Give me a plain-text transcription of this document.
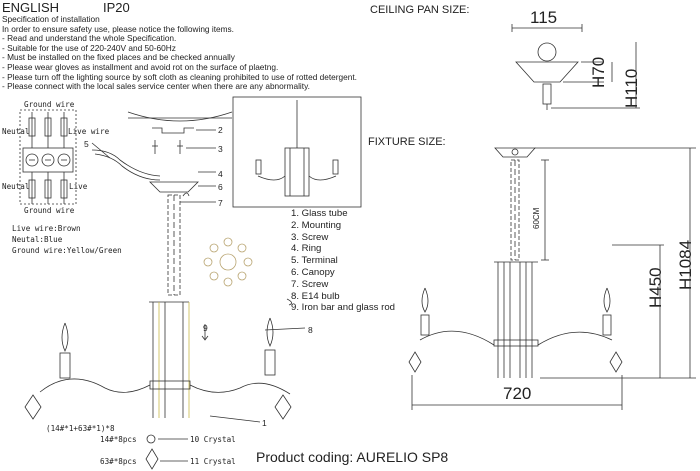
ENGLISH	IP20	CEILING PAN SIZE:
FIXTURE SIZE:
Specification of installation
In order to ensure safety use, please notice the following items.
- Read and understand the whole Specification.
- Suitable for the use of 220-240V and 50-60Hz
- Must be installed on the fixed places and be checked annually
- Please wear gloves as installment and avoid rot on the surface of plaetng.
- Please turn off the lighting source by soft cloth as cleaning prohibited to use of rotted detergent.
- Please connect with the local sales service center when there are any abnormality.
Ground wire
Neutal	Live wire
Neutal	Live
Ground wire
Live wire:Brown
Neutal:Blue
Ground wire:Yellow/Green
1. Glass tube
2. Mounting
3. Screw
4. Ring
5. Terminal
6. Canopy
7. Screw
8. E14 bulb
9. Iron bar and glass rod
2
3
5
4
6
7
9	8
1
(14#*1+63#*1)*8
14#*8pcs	10 Crystal
63#*8pcs	11 Crystal Product coding: AURELIO SP8
115
H70 H110
60CM
H450 H1084
720
